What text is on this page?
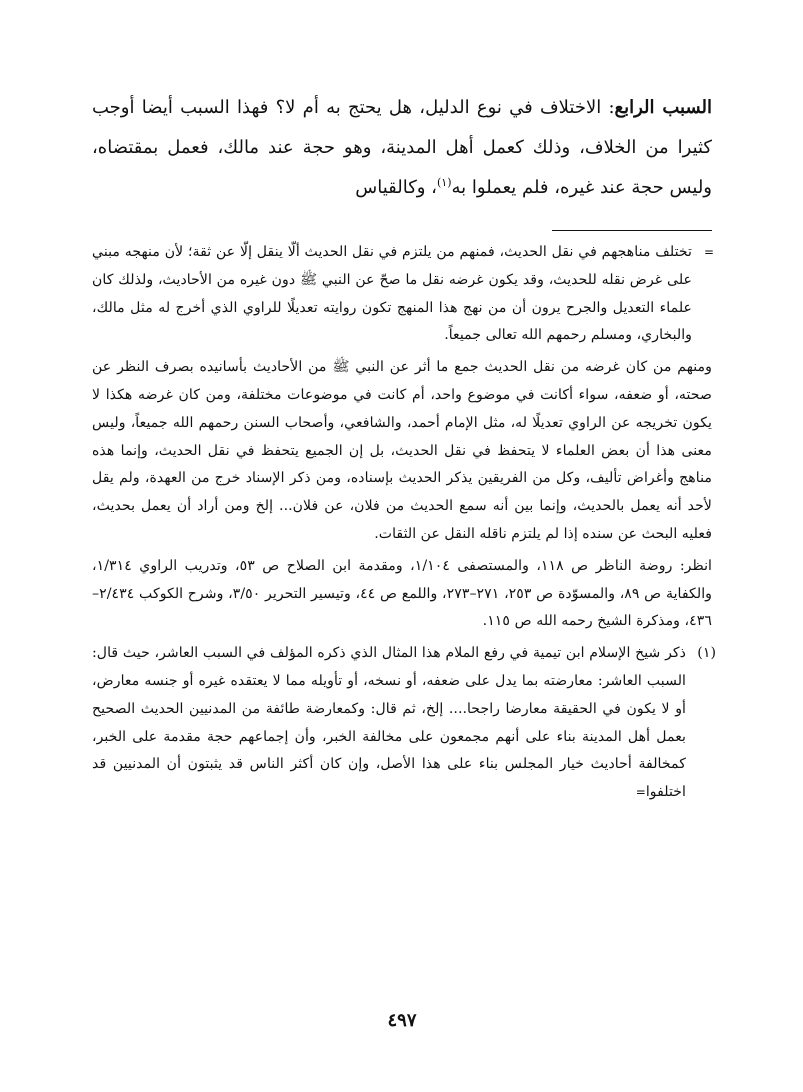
السبب الرابع: الاختلاف في نوع الدليل، هل يحتج به أم لا؟ فهذا السبب أيضا أوجب كثيرا من الخلاف، وذلك كعمل أهل المدينة، وهو حجة عند مالك، فعمل بمقتضاه، وليس حجة عند غيره، فلم يعملوا به$^{(١)}$، وكالقياس

=
تختلف مناهجهم في نقل الحديث، فمنهم من يلتزم في نقل الحديث ألّا ينقل إلّا عن ثقة؛ لأن منهجه مبني على غرض نقله للحديث، وقد يكون غرضه نقل ما صحّ عن النبي ﷺ دون غيره من الأحاديث، ولذلك كان علماء التعديل والجرح يرون أن من نهج هذا المنهج تكون روايته تعديلًا للراوي الذي أخرج له مثل مالك، والبخاري، ومسلم رحمهم الله تعالى جميعاً.

ومنهم من كان غرضه من نقل الحديث جمع ما أثر عن النبي ﷺ من الأحاديث بأسانيده بصرف النظر عن صحته، أو ضعفه، سواء أكانت في موضوع واحد، أم كانت في موضوعات مختلفة، ومن كان غرضه هكذا لا يكون تخريجه عن الراوي تعديلًا له، مثل الإمام أحمد، والشافعي، وأصحاب السنن رحمهم الله جميعاً، وليس معنى هذا أن بعض العلماء لا يتحفظ في نقل الحديث، بل إن الجميع يتحفظ في نقل الحديث، وإنما هذه مناهج وأغراض تأليف، وكل من الفريقين يذكر الحديث بإسناده، ومن ذكر الإسناد خرج من العهدة، ولم يقل لأحد أنه يعمل بالحديث، وإنما بين أنه سمع الحديث من فلان، عن فلان... إلخ ومن أراد أن يعمل بحديث، فعليه البحث عن سنده إذا لم يلتزم ناقله النقل عن الثقات.

انظر: روضة الناظر ص ١١٨، والمستصفى ١/١٠٤، ومقدمة ابن الصلاح ص ٥٣، وتدريب الراوي ١/٣١٤، والكفاية ص ٨٩، والمسوّدة ص ٢٥٣، ٢٧١–٢٧٣، واللمع ص ٤٤، وتيسير التحرير ٣/٥٠، وشرح الكوكب ٢/٤٣٤–٤٣٦، ومذكرة الشيخ رحمه الله ص ١١٥.

(١)
ذكر شيخ الإسلام ابن تيمية في رفع الملام هذا المثال الذي ذكره المؤلف في السبب العاشر، حيث قال: السبب العاشر: معارضته بما يدل على ضعفه، أو نسخه، أو تأويله مما لا يعتقده غيره أو جنسه معارض، أو لا يكون في الحقيقة معارضا راجحا.... إلخ، ثم قال: وكمعارضة طائفة من المدنيين الحديث الصحيح بعمل أهل المدينة بناء على أنهم مجمعون على مخالفة الخبر، وأن إجماعهم حجة مقدمة على الخبر، كمخالفة أحاديث خيار المجلس بناء على هذا الأصل، وإن كان أكثر الناس قد يثبتون أن المدنيين قد اختلفوا=

٤٩٧
